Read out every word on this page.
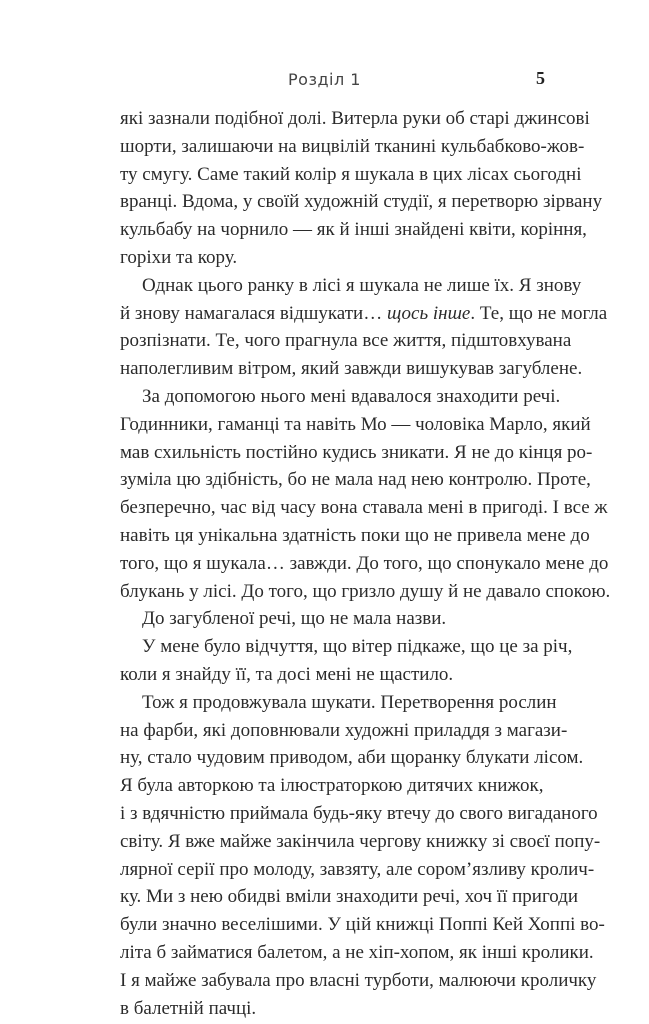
Розділ 1	5
які зазнали подібної долі. Витерла руки об старі джинсові
шорти, залишаючи на вицвілій тканині кульбабково-жов-
ту смугу. Саме такий колір я шукала в цих лісах сьогодні
вранці. Вдома, у своїй художній студії, я перетворю зірвану
кульбабу на чорнило — як й інші знайдені квіти, коріння,
горіхи та кору.
Однак цього ранку в лісі я шукала не лише їх. Я знову
й знову намагалася відшукати… щось інше. Те, що не могла
розпізнати. Те, чого прагнула все життя, підштовхувана
наполегливим вітром, який завжди вишукував загублене.
За допомогою нього мені вдавалося знаходити речі.
Годинники, гаманці та навіть Мо — чоловіка Марло, який
мав схильність постійно кудись зникати. Я не до кінця ро-
зуміла цю здібність, бо не мала над нею контролю. Проте,
безперечно, час від часу вона ставала мені в пригоді. І все ж
навіть ця унікальна здатність поки що не привела мене до
того, що я шукала… завжди. До того, що спонукало мене до
блукань у лісі. До того, що гризло душу й не давало спокою.
До загубленої речі, що не мала назви.
У мене було відчуття, що вітер підкаже, що це за річ,
коли я знайду її, та досі мені не щастило.
Тож я продовжувала шукати. Перетворення рослин
на фарби, які доповнювали художні приладдя з магази-
ну, стало чудовим приводом, аби щоранку блукати лісом.
Я була авторкою та ілюстраторкою дитячих книжок,
і з вдячністю приймала будь-яку втечу до свого вигаданого
світу. Я вже майже закінчила чергову книжку зі своєї попу-
лярної серії про молоду, завзяту, але сором’язливу кролич-
ку. Ми з нею обидві вміли знаходити речі, хоч її пригоди
були значно веселішими. У цій книжці Поппі Кей Хоппі во-
літа б займатися балетом, а не хіп-хопом, як інші кролики.
І я майже забувала про власні турботи, малюючи кроличку
в балетній пачці.
